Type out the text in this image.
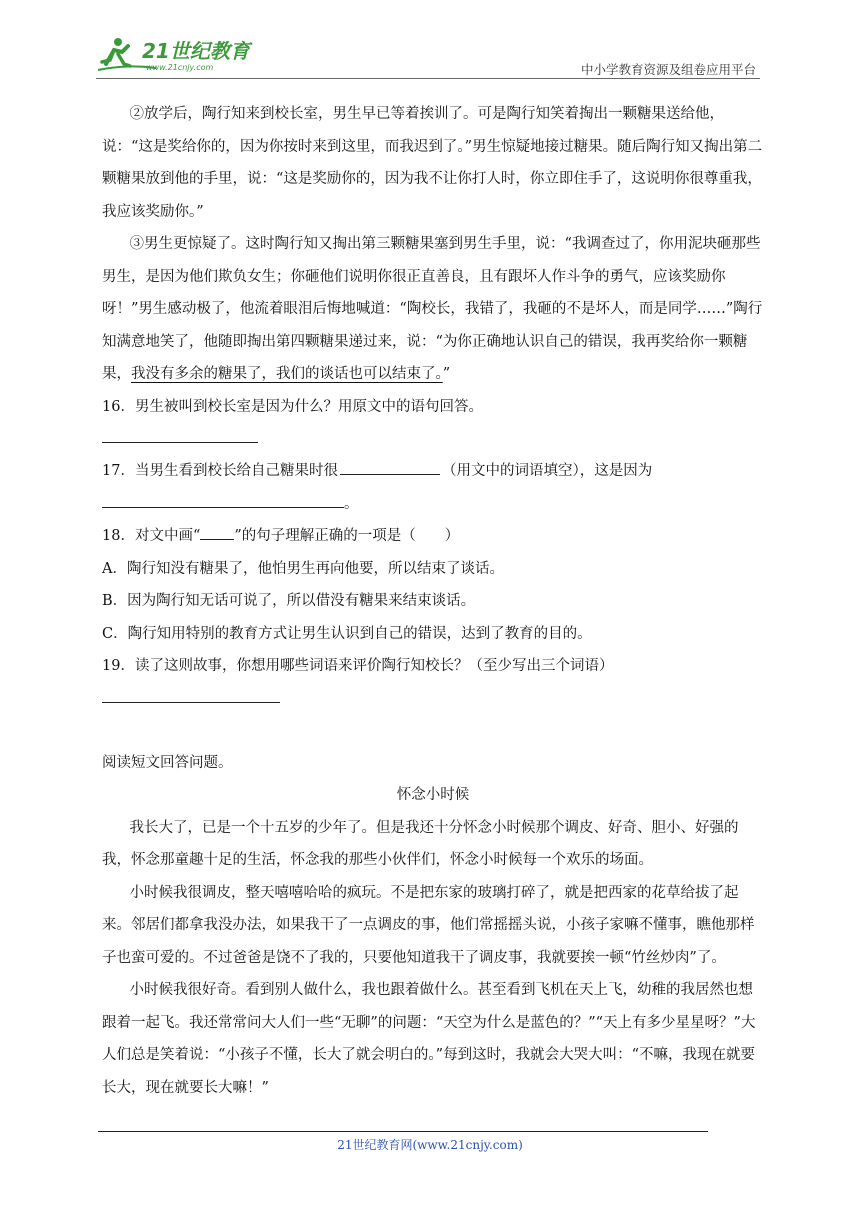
21世纪教育
www.21cnjy.com	中小学教育资源及组卷应用平台

②放学后，陶行知来到校长室，男生早已等着挨训了。可是陶行知笑着掏出一颗糖果送给他，说：“这是奖给你的，因为你按时来到这里，而我迟到了。”男生惊疑地接过糖果。随后陶行知又掏出第二颗糖果放到他的手里，说：“这是奖励你的，因为我不让你打人时，你立即住手了，这说明你很尊重我，我应该奖励你。”

③男生更惊疑了。这时陶行知又掏出第三颗糖果塞到男生手里，说：“我调查过了，你用泥块砸那些男生，是因为他们欺负女生；你砸他们说明你很正直善良，且有跟坏人作斗争的勇气，应该奖励你呀！”男生感动极了，他流着眼泪后悔地喊道：“陶校长，我错了，我砸的不是坏人，而是同学……”陶行知满意地笑了，他随即掏出第四颗糖果递过来，说：“为你正确地认识自己的错误，我再奖给你一颗糖果，我没有多余的糖果了，我们的谈话也可以结束了。”

16．男生被叫到校长室是因为什么？用原文中的语句回答。

17．当男生看到校长给自己糖果时很	（用文中的词语填空），这是因为

。

18．对文中画“ ”的句子理解正确的一项是（　　）

A．陶行知没有糖果了，他怕男生再向他要，所以结束了谈话。

B．因为陶行知无话可说了，所以借没有糖果来结束谈话。

C．陶行知用特别的教育方式让男生认识到自己的错误，达到了教育的目的。

19．读了这则故事，你想用哪些词语来评价陶行知校长？（至少写出三个词语）

阅读短文回答问题。

怀念小时候

我长大了，已是一个十五岁的少年了。但是我还十分怀念小时候那个调皮、好奇、胆小、好强的我，怀念那童趣十足的生活，怀念我的那些小伙伴们，怀念小时候每一个欢乐的场面。

小时候我很调皮，整天嘻嘻哈哈的疯玩。不是把东家的玻璃打碎了，就是把西家的花草给拔了起来。邻居们都拿我没办法，如果我干了一点调皮的事，他们常摇摇头说，小孩子家嘛不懂事，瞧他那样子也蛮可爱的。不过爸爸是饶不了我的，只要他知道我干了调皮事，我就要挨一顿“竹丝炒肉”了。

小时候我很好奇。看到别人做什么，我也跟着做什么。甚至看到飞机在天上飞，幼稚的我居然也想跟着一起飞。我还常常问大人们一些“无聊”的问题：“天空为什么是蓝色的？”“天上有多少星星呀？”大人们总是笑着说：“小孩子不懂，长大了就会明白的。”每到这时，我就会大哭大叫：“不嘛，我现在就要长大，现在就要长大嘛！”

21世纪教育网(www.21cnjy.com)
